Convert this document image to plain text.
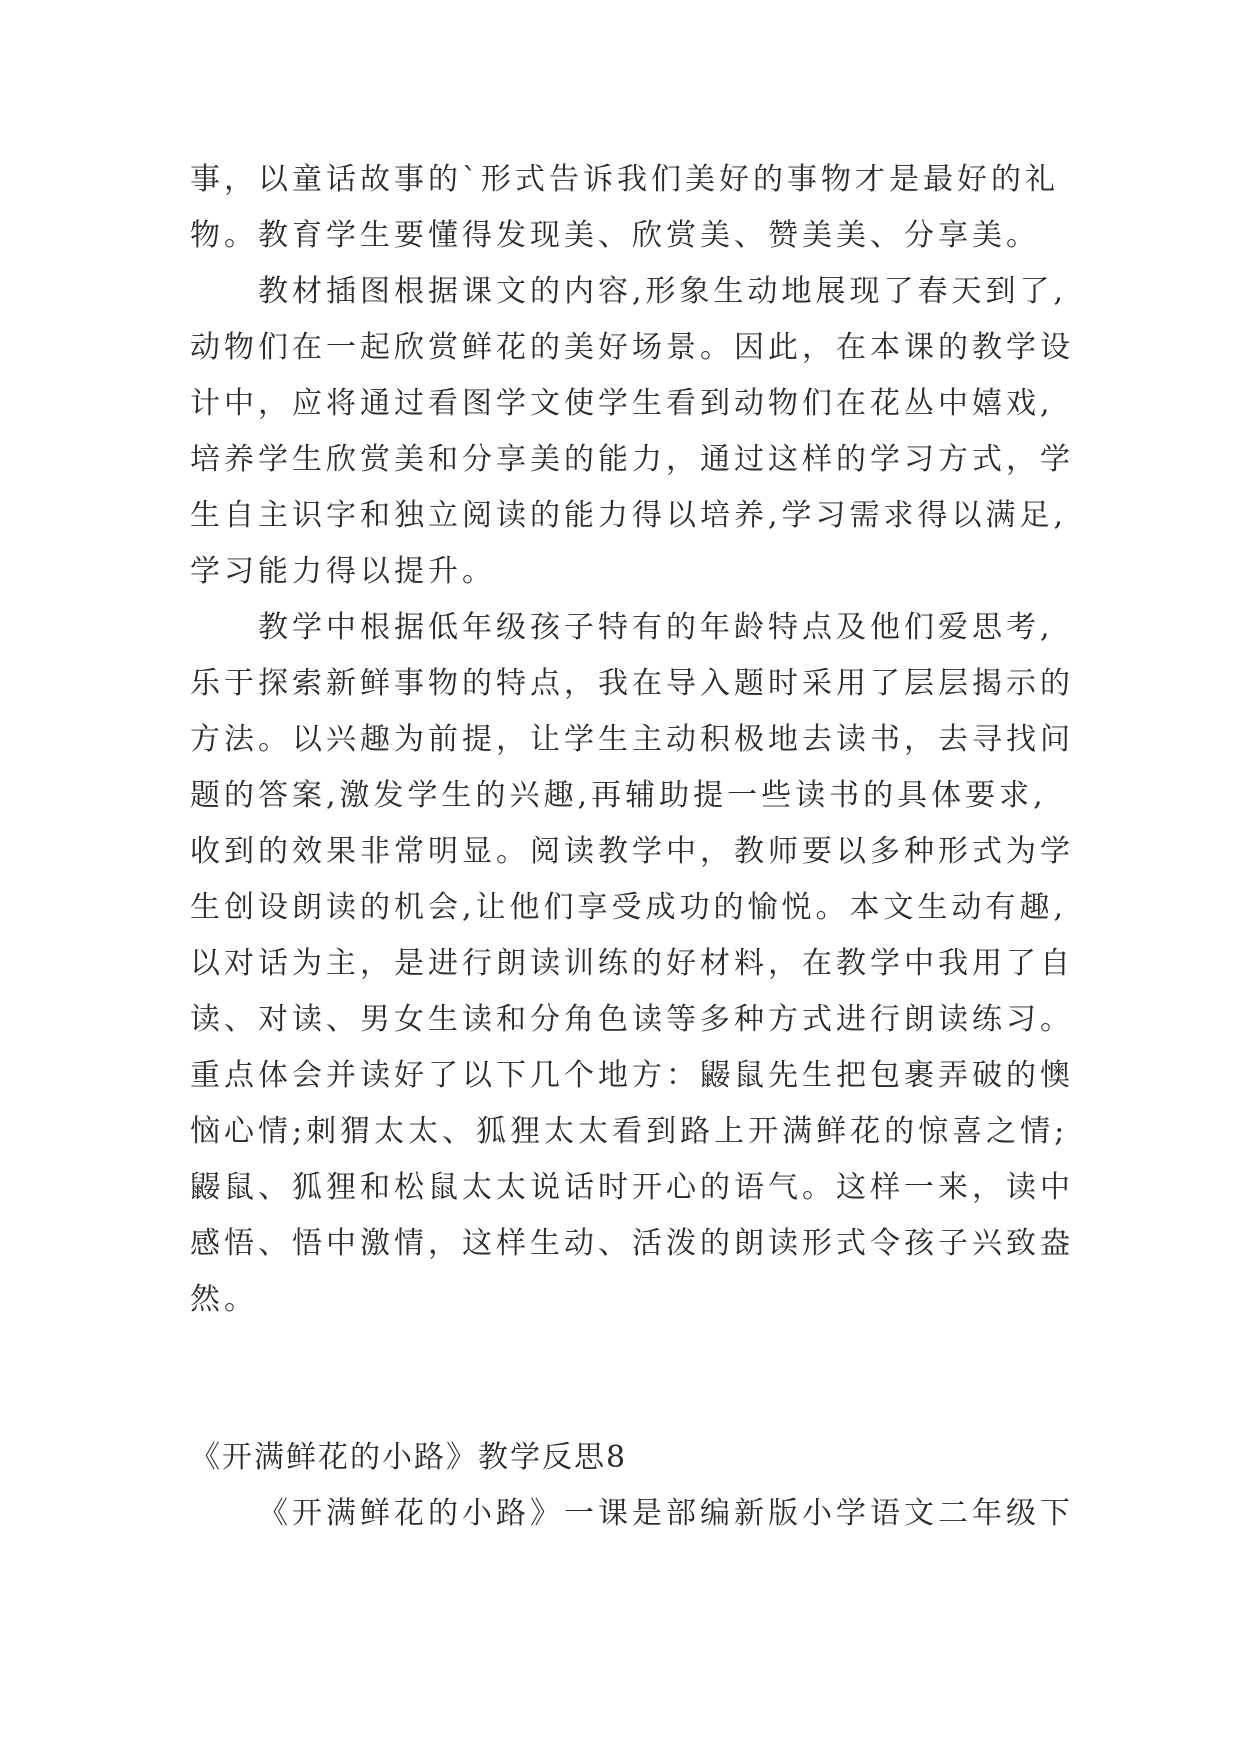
事，以童话故事的`形式告诉我们美好的事物才是最好的礼
物。教育学生要懂得发现美、欣赏美、赞美美、分享美。
教材插图根据课文的内容,形象生动地展现了春天到了,
动物们在一起欣赏鲜花的美好场景。因此，在本课的教学设
计中，应将通过看图学文使学生看到动物们在花丛中嬉戏,
培养学生欣赏美和分享美的能力，通过这样的学习方式，学
生自主识字和独立阅读的能力得以培养,学习需求得以满足,
学习能力得以提升。
教学中根据低年级孩子特有的年龄特点及他们爱思考,
乐于探索新鲜事物的特点，我在导入题时采用了层层揭示的
方法。以兴趣为前提，让学生主动积极地去读书，去寻找问
题的答案,激发学生的兴趣,再辅助提一些读书的具体要求,
收到的效果非常明显。阅读教学中，教师要以多种形式为学
生创设朗读的机会,让他们享受成功的愉悦。本文生动有趣,
以对话为主，是进行朗读训练的好材料，在教学中我用了自
读、对读、男女生读和分角色读等多种方式进行朗读练习。
重点体会并读好了以下几个地方：鼹鼠先生把包裹弄破的懊
恼心情;刺猬太太、狐狸太太看到路上开满鲜花的惊喜之情;
鼹鼠、狐狸和松鼠太太说话时开心的语气。这样一来，读中
感悟、悟中激情，这样生动、活泼的朗读形式令孩子兴致盎
然。
《开满鲜花的小路》教学反思8
《开满鲜花的小路》一课是部编新版小学语文二年级下
